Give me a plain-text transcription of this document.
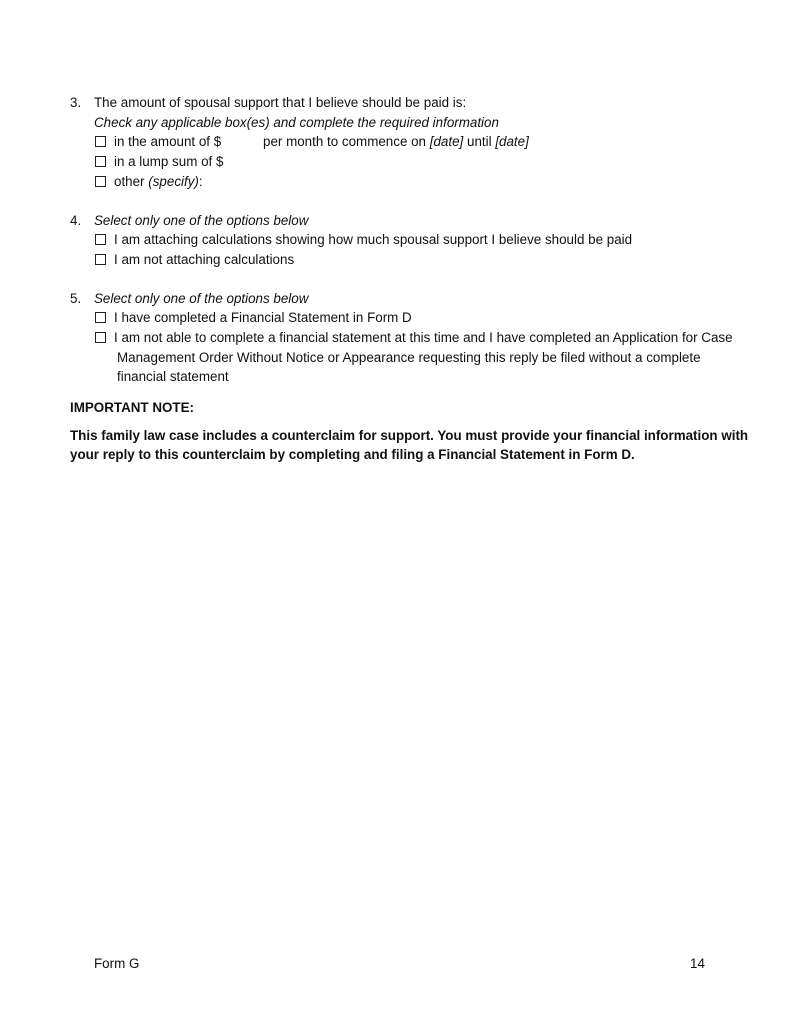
3. The amount of spousal support that I believe should be paid is:
Check any applicable box(es) and complete the required information
in the amount of $	per month to commence on [date] until [date]
in a lump sum of $
other (specify):
4. Select only one of the options below
I am attaching calculations showing how much spousal support I believe should be paid
I am not attaching calculations
5. Select only one of the options below
I have completed a Financial Statement in Form D
I am not able to complete a financial statement at this time and I have completed an Application for Case
Management Order Without Notice or Appearance requesting this reply be filed without a complete
financial statement
IMPORTANT NOTE:
This family law case includes a counterclaim for support. You must provide your financial information with
your reply to this counterclaim by completing and filing a Financial Statement in Form D.
Form G	14
